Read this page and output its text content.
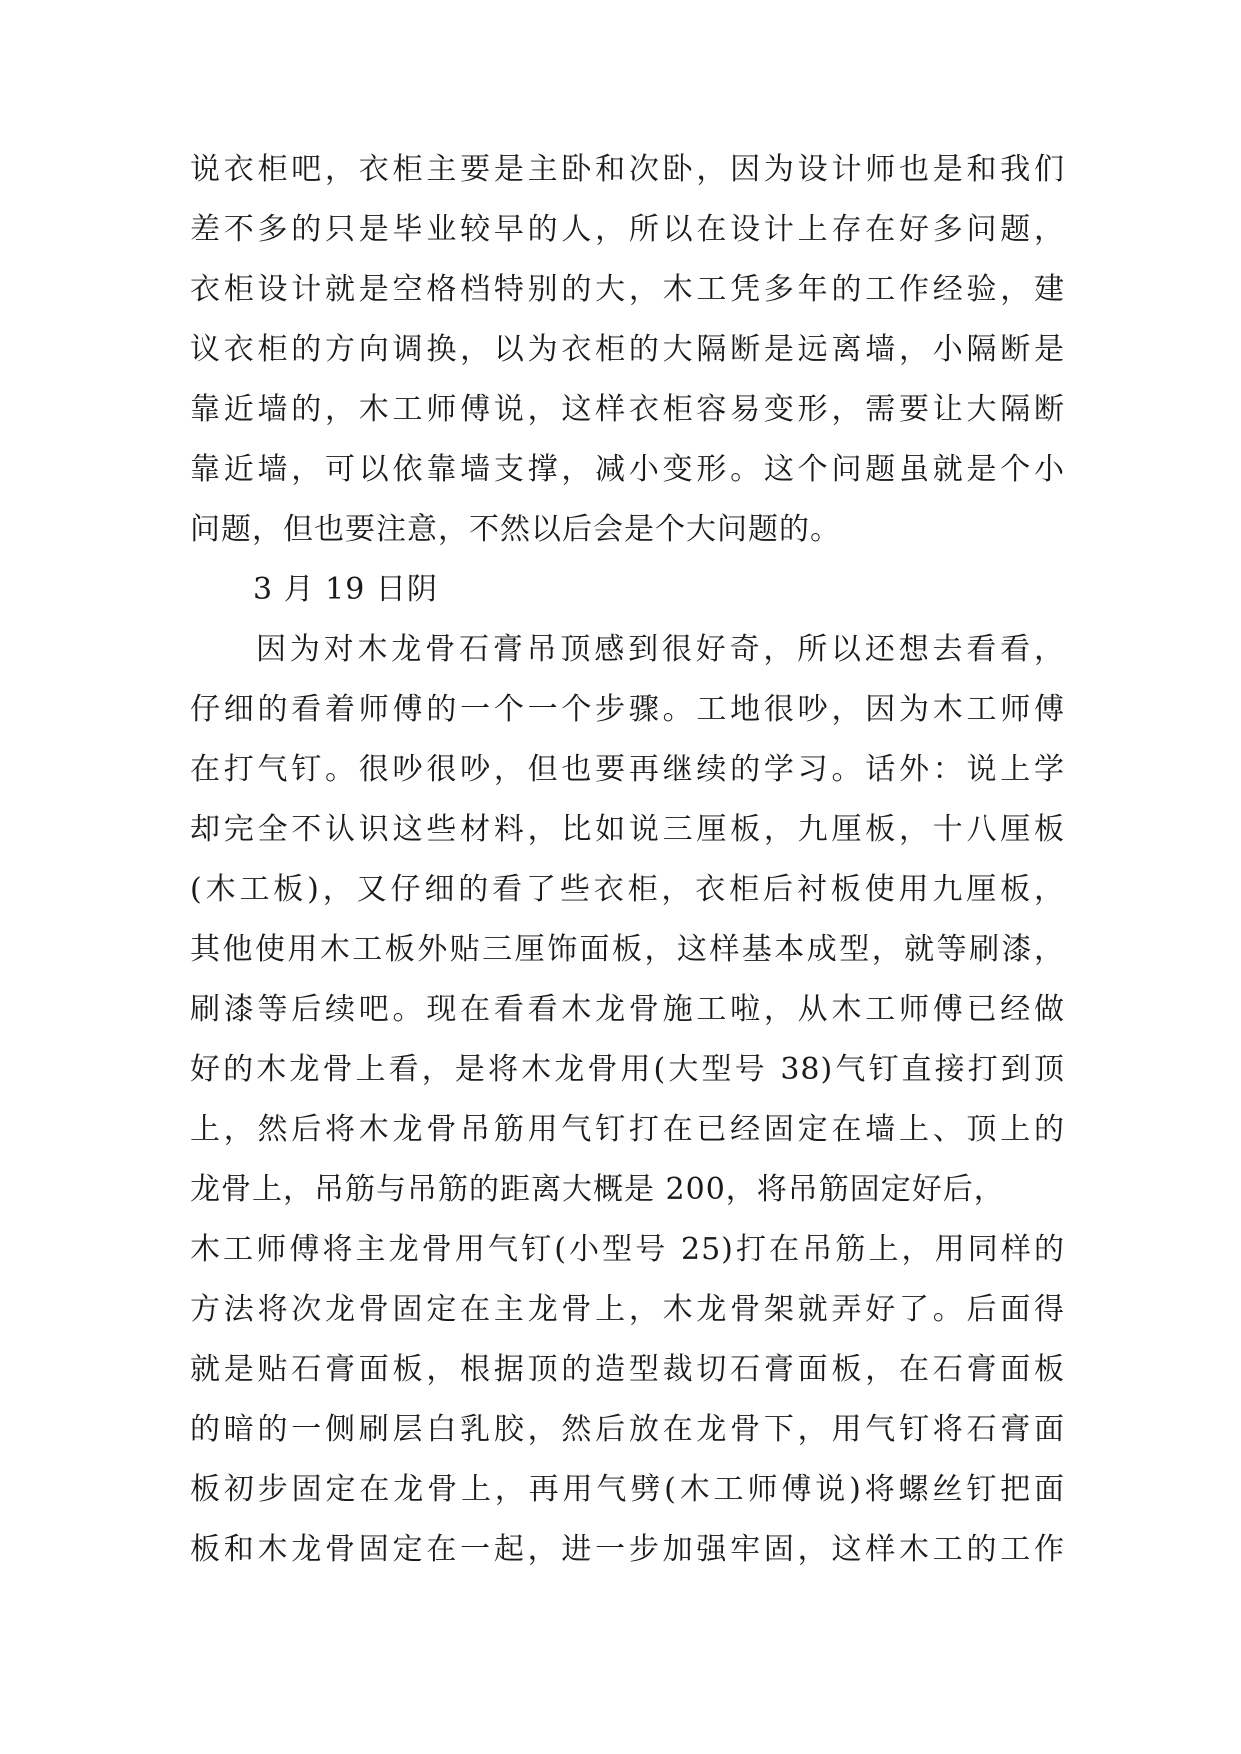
说衣柜吧，衣柜主要是主卧和次卧，因为设计师也是和我们
差不多的只是毕业较早的人，所以在设计上存在好多问题，
衣柜设计就是空格档特别的大，木工凭多年的工作经验，建
议衣柜的方向调换，以为衣柜的大隔断是远离墙，小隔断是
靠近墙的，木工师傅说，这样衣柜容易变形，需要让大隔断
靠近墙，可以依靠墙支撑，减小变形。这个问题虽就是个小
问题，但也要注意，不然以后会是个大问题的。
3 月 19 日阴
因为对木龙骨石膏吊顶感到很好奇，所以还想去看看，
仔细的看着师傅的一个一个步骤。工地很吵，因为木工师傅
在打气钉。很吵很吵，但也要再继续的学习。话外：说上学
却完全不认识这些材料，比如说三厘板，九厘板，十八厘板
(木工板)，又仔细的看了些衣柜，衣柜后衬板使用九厘板，
其他使用木工板外贴三厘饰面板，这样基本成型，就等刷漆，
刷漆等后续吧。现在看看木龙骨施工啦，从木工师傅已经做
好的木龙骨上看，是将木龙骨用(大型号 38)气钉直接打到顶
上，然后将木龙骨吊筋用气钉打在已经固定在墙上、顶上的
龙骨上，吊筋与吊筋的距离大概是 200，将吊筋固定好后，
木工师傅将主龙骨用气钉(小型号 25)打在吊筋上，用同样的
方法将次龙骨固定在主龙骨上，木龙骨架就弄好了。后面得
就是贴石膏面板，根据顶的造型裁切石膏面板，在石膏面板
的暗的一侧刷层白乳胶，然后放在龙骨下，用气钉将石膏面
板初步固定在龙骨上，再用气劈(木工师傅说)将螺丝钉把面
板和木龙骨固定在一起，进一步加强牢固，这样木工的工作
